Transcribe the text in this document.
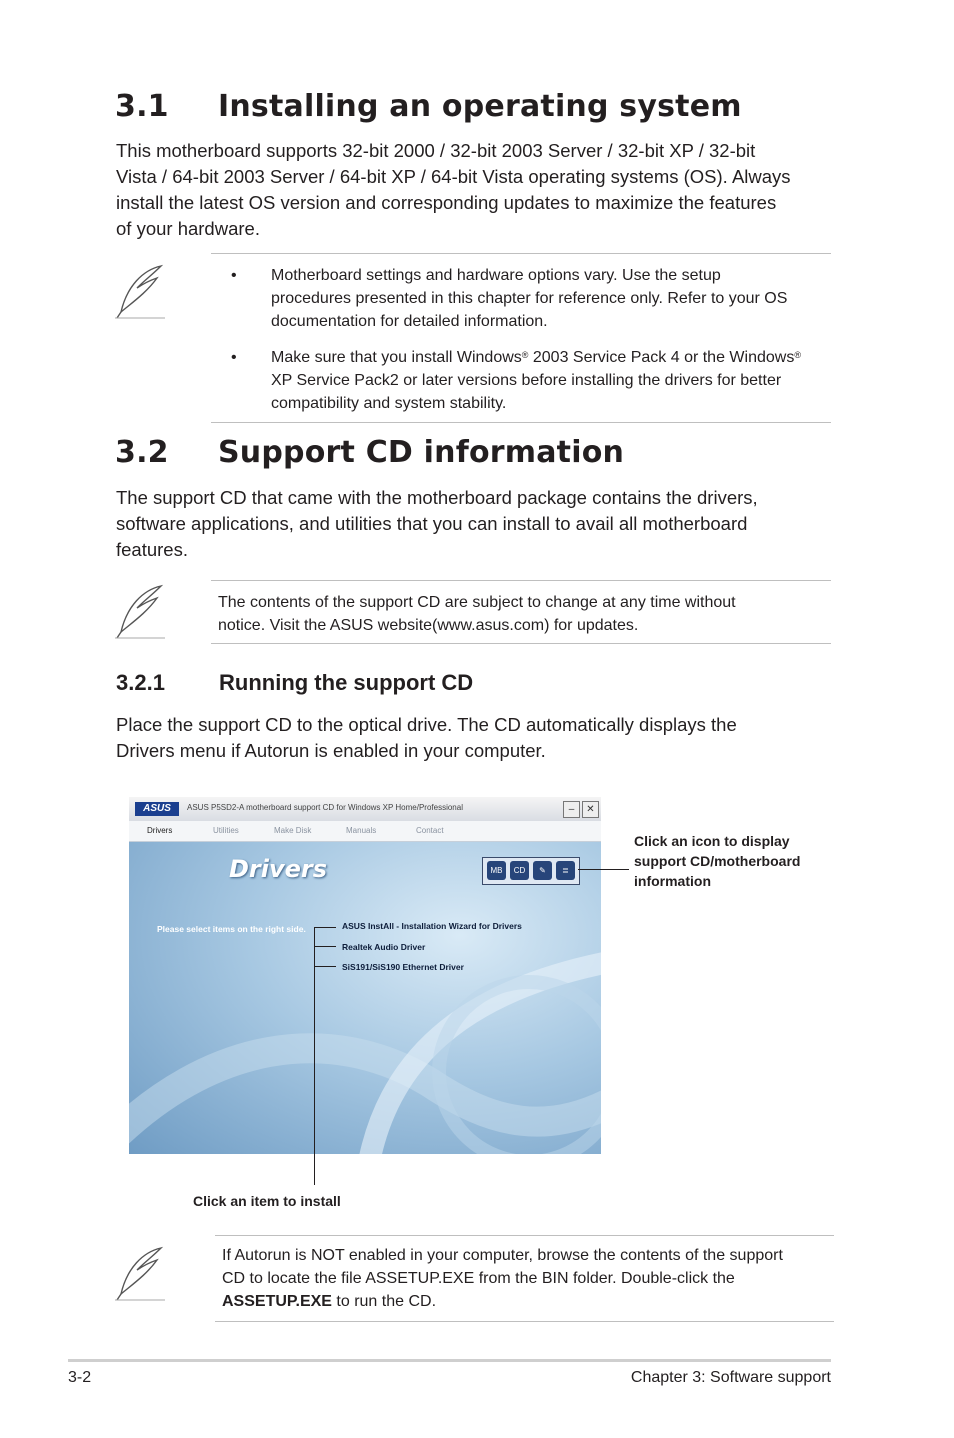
3.1 Installing an operating system
This motherboard supports 32-bit 2000 / 32-bit 2003 Server / 32-bit XP / 32-bit
Vista / 64-bit 2003 Server / 64-bit XP / 64-bit Vista operating systems (OS). Always
install the latest OS version and corresponding updates to maximize the features
of your hardware.
• Motherboard settings and hardware options vary. Use the setup
procedures presented in this chapter for reference only. Refer to your OS
documentation for detailed information.
• Make sure that you install Windows® 2003 Service Pack 4 or the Windows®
XP Service Pack2 or later versions before installing the drivers for better
compatibility and system stability.
3.2 Support CD information
The support CD that came with the motherboard package contains the drivers,
software applications, and utilities that you can install to avail all motherboard
features.
The contents of the support CD are subject to change at any time without
notice. Visit the ASUS website(www.asus.com) for updates.
3.2.1 Running the support CD
Place the support CD to the optical drive. The CD automatically displays the
Drivers menu if Autorun is enabled in your computer.
ASUS	ASUS P5SD2-A motherboard support CD for Windows XP Home/Professional	–	✕
Drivers	Utilities	Make Disk	Manuals	Contact
Drivers	MB	CD	✎	≣
Please select items on the right side.	ASUS InstAll - Installation Wizard for Drivers
Realtek Audio Driver
SiS191/SiS190 Ethernet Driver
Click an icon to display
support CD/motherboard
information
Click an item to install
If Autorun is NOT enabled in your computer, browse the contents of the support
CD to locate the file ASSETUP.EXE from the BIN folder. Double-click the
ASSETUP.EXE to run the CD.
3-2	Chapter 3: Software support
